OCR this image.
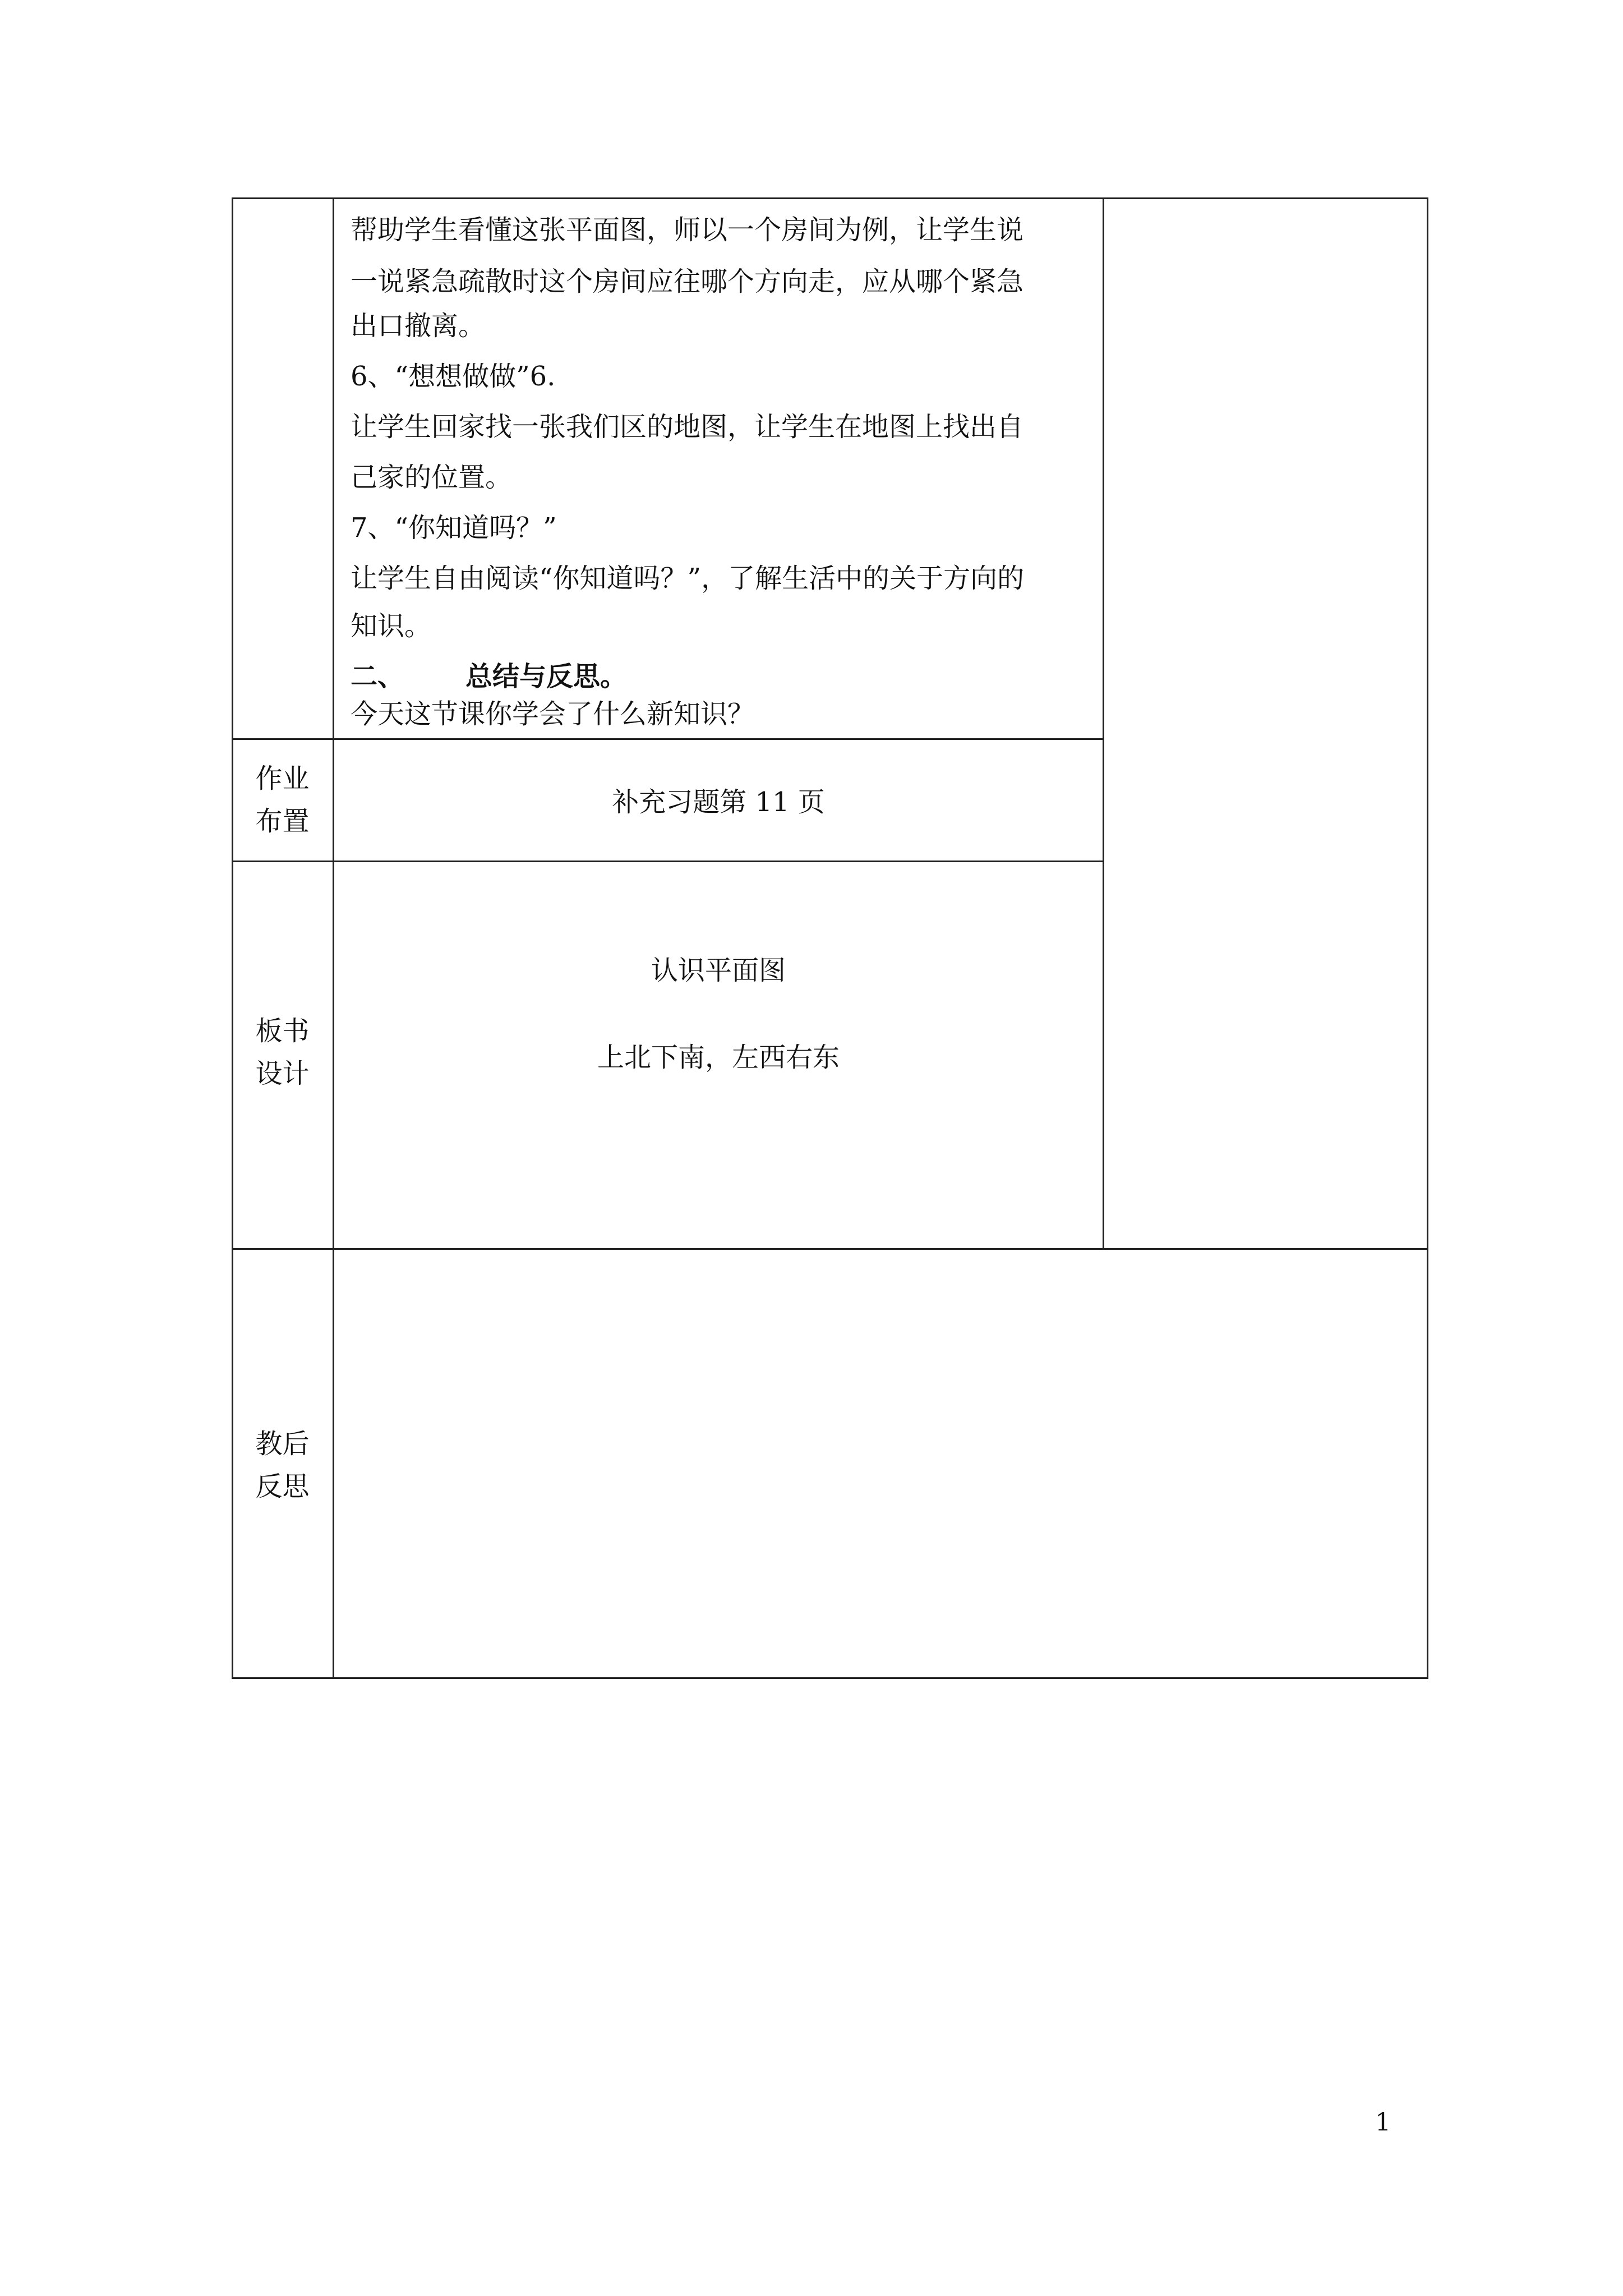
帮助学生看懂这张平面图，师以一个房间为例，让学生说
一说紧急疏散时这个房间应往哪个方向走，应从哪个紧急
出口撤离。
6、“想想做做”6.
让学生回家找一张我们区的地图，让学生在地图上找出自
己家的位置。
7、“你知道吗？”
让学生自由阅读“你知道吗？”，了解生活中的关于方向的
知识。
二、 总结与反思。
今天这节课你学会了什么新知识？
作业
布置
补充习题第 11 页
板书
设计
认识平面图
上北下南，左西右东
教后
反思
1
